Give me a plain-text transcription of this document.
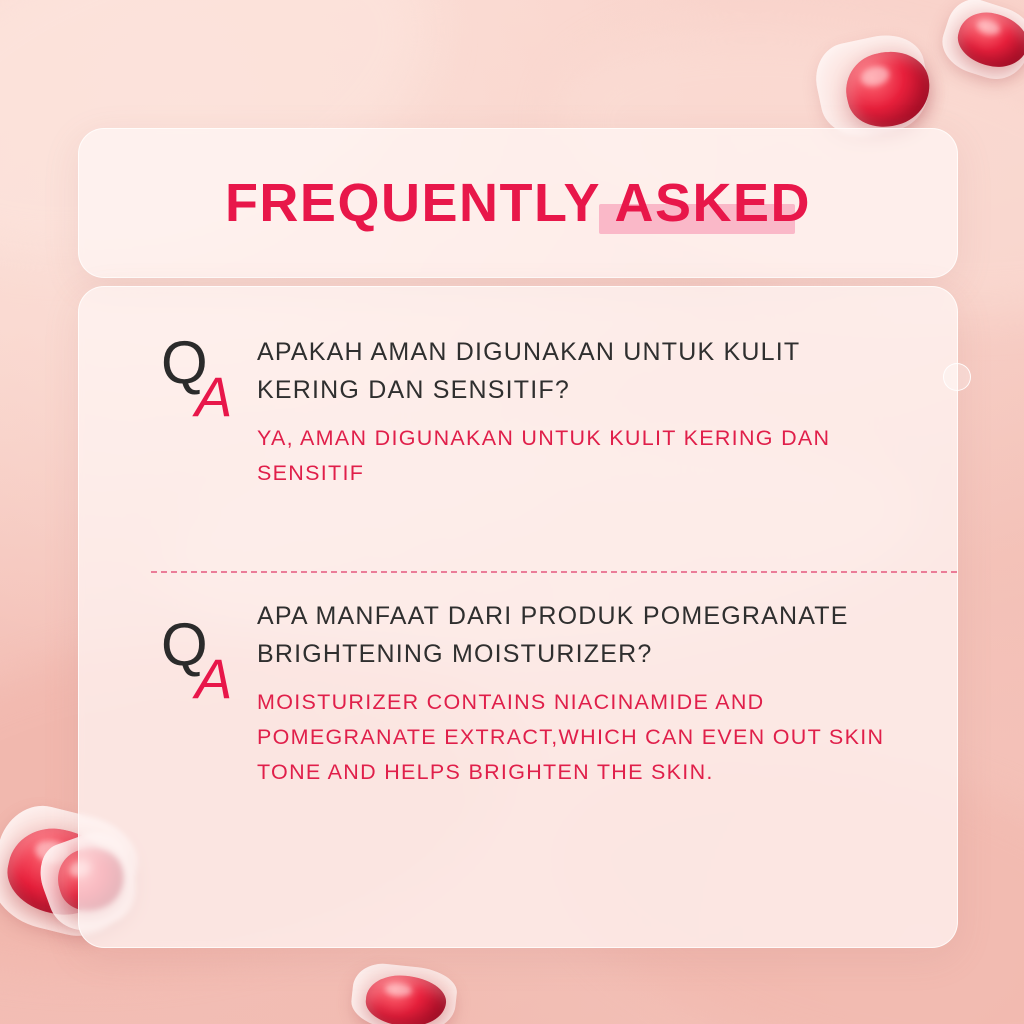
FREQUENTLY ASKED
Q
A

APAKAH AMAN DIGUNAKAN UNTUK KULIT KERING DAN SENSITIF?

YA, AMAN DIGUNAKAN UNTUK KULIT KERING DAN SENSITIF

Q
A

APA MANFAAT DARI PRODUK POMEGRANATE BRIGHTENING MOISTURIZER?

MOISTURIZER CONTAINS NIACINAMIDE AND POMEGRANATE EXTRACT,WHICH CAN EVEN OUT SKIN TONE AND HELPS BRIGHTEN THE SKIN.
